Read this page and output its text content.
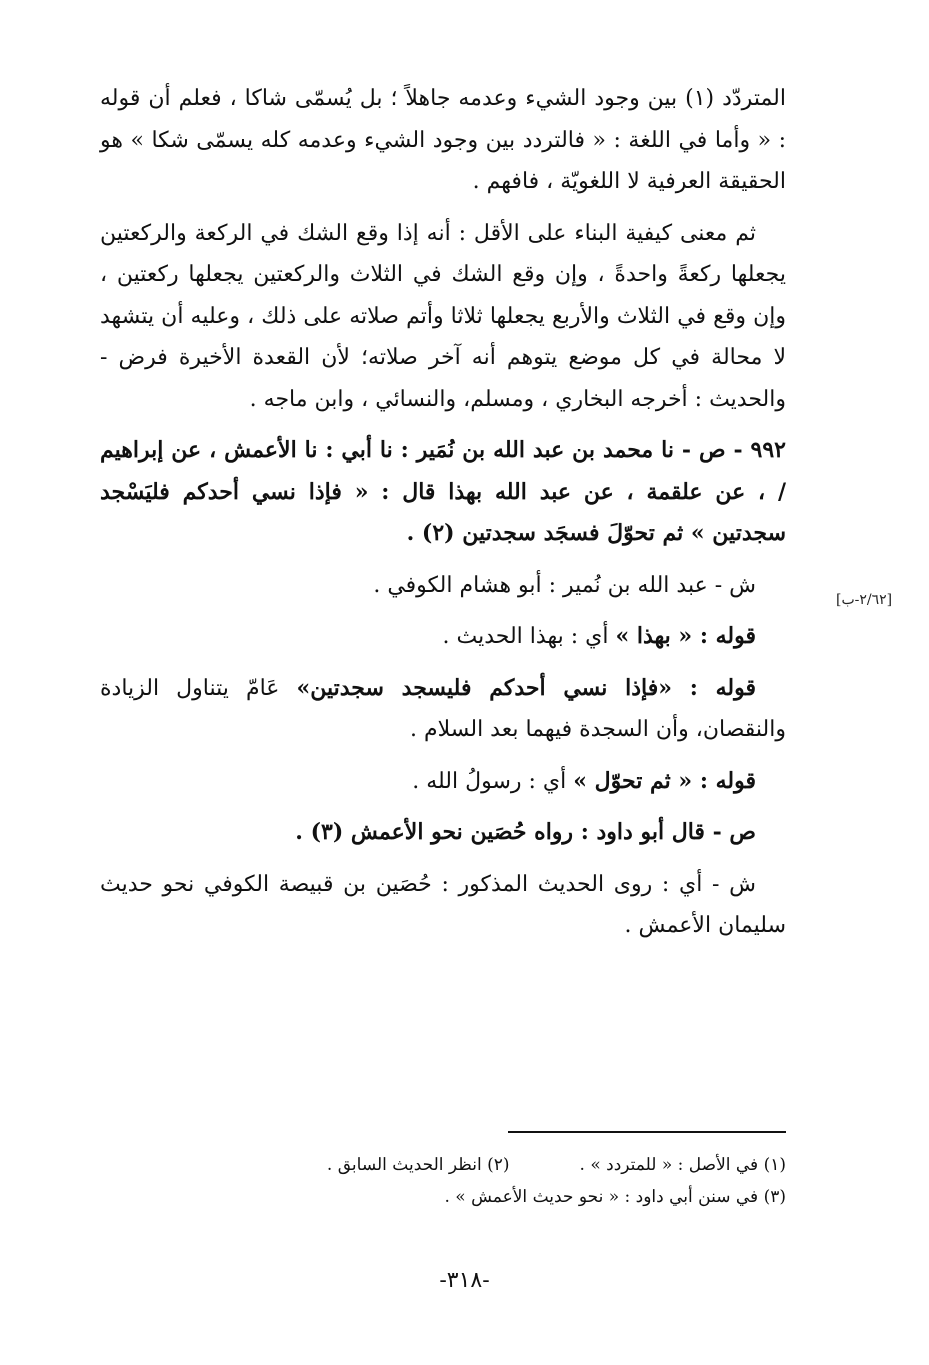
المتردّد (١) بين وجود الشيء وعدمه جاهلاً ؛ بل يُسمّى شاكا ، فعلم أن قوله : « وأما في اللغة : « فالتردد بين وجود الشيء وعدمه كله يسمّى شكا » هو الحقيقة العرفية لا اللغويّة ، فافهم .

ثم معنى كيفية البناء على الأقل : أنه إذا وقع الشك في الركعة والركعتين يجعلها ركعةً واحدةً ، وإن وقع الشك في الثلاث والركعتين يجعلها ركعتين ، وإن وقع في الثلاث والأربع يجعلها ثلاثا وأتم صلاته على ذلك ، وعليه أن يتشهد لا محالة في كل موضع يتوهم أنه آخر صلاته؛ لأن القعدة الأخيرة فرض - والحديث : أخرجه البخاري ، ومسلم، والنسائي ، وابن ماجه .

٩٩٢ - ص - نا محمد بن عبد الله بن نُمَير : نا أبي : نا الأعمش ، عن إبراهيم / ، عن علقمة ، عن عبد الله بهذا قال : « فإذا نسي أحدكم فليَسْجد سجدتين » ثم تحوّلَ فسجَد سجدتين (٢) .

ش - عبد الله بن نُمير : أبو هشام الكوفي .

قوله : « بهذا » أي : بهذا الحديث .

قوله : «فإذا نسي أحدكم فليسجد سجدتين» عَامّ يتناول الزيادة والنقصان، وأن السجدة فيهما بعد السلام .

قوله : « ثم تحوّل » أي : رسولُ الله .

ص - قال أبو داود : رواه حُصَين نحو الأعمش (٣) .

ش - أي : روى الحديث المذكور : حُصَين بن قبيصة الكوفي نحو حديث سليمان الأعمش .

[٢/٦٢-ب]
(١) في الأصل : « للمتردد » .(٢) انظر الحديث السابق .
(٣) في سنن أبي داود : « نحو حديث الأعمش » .
-٣١٨-
